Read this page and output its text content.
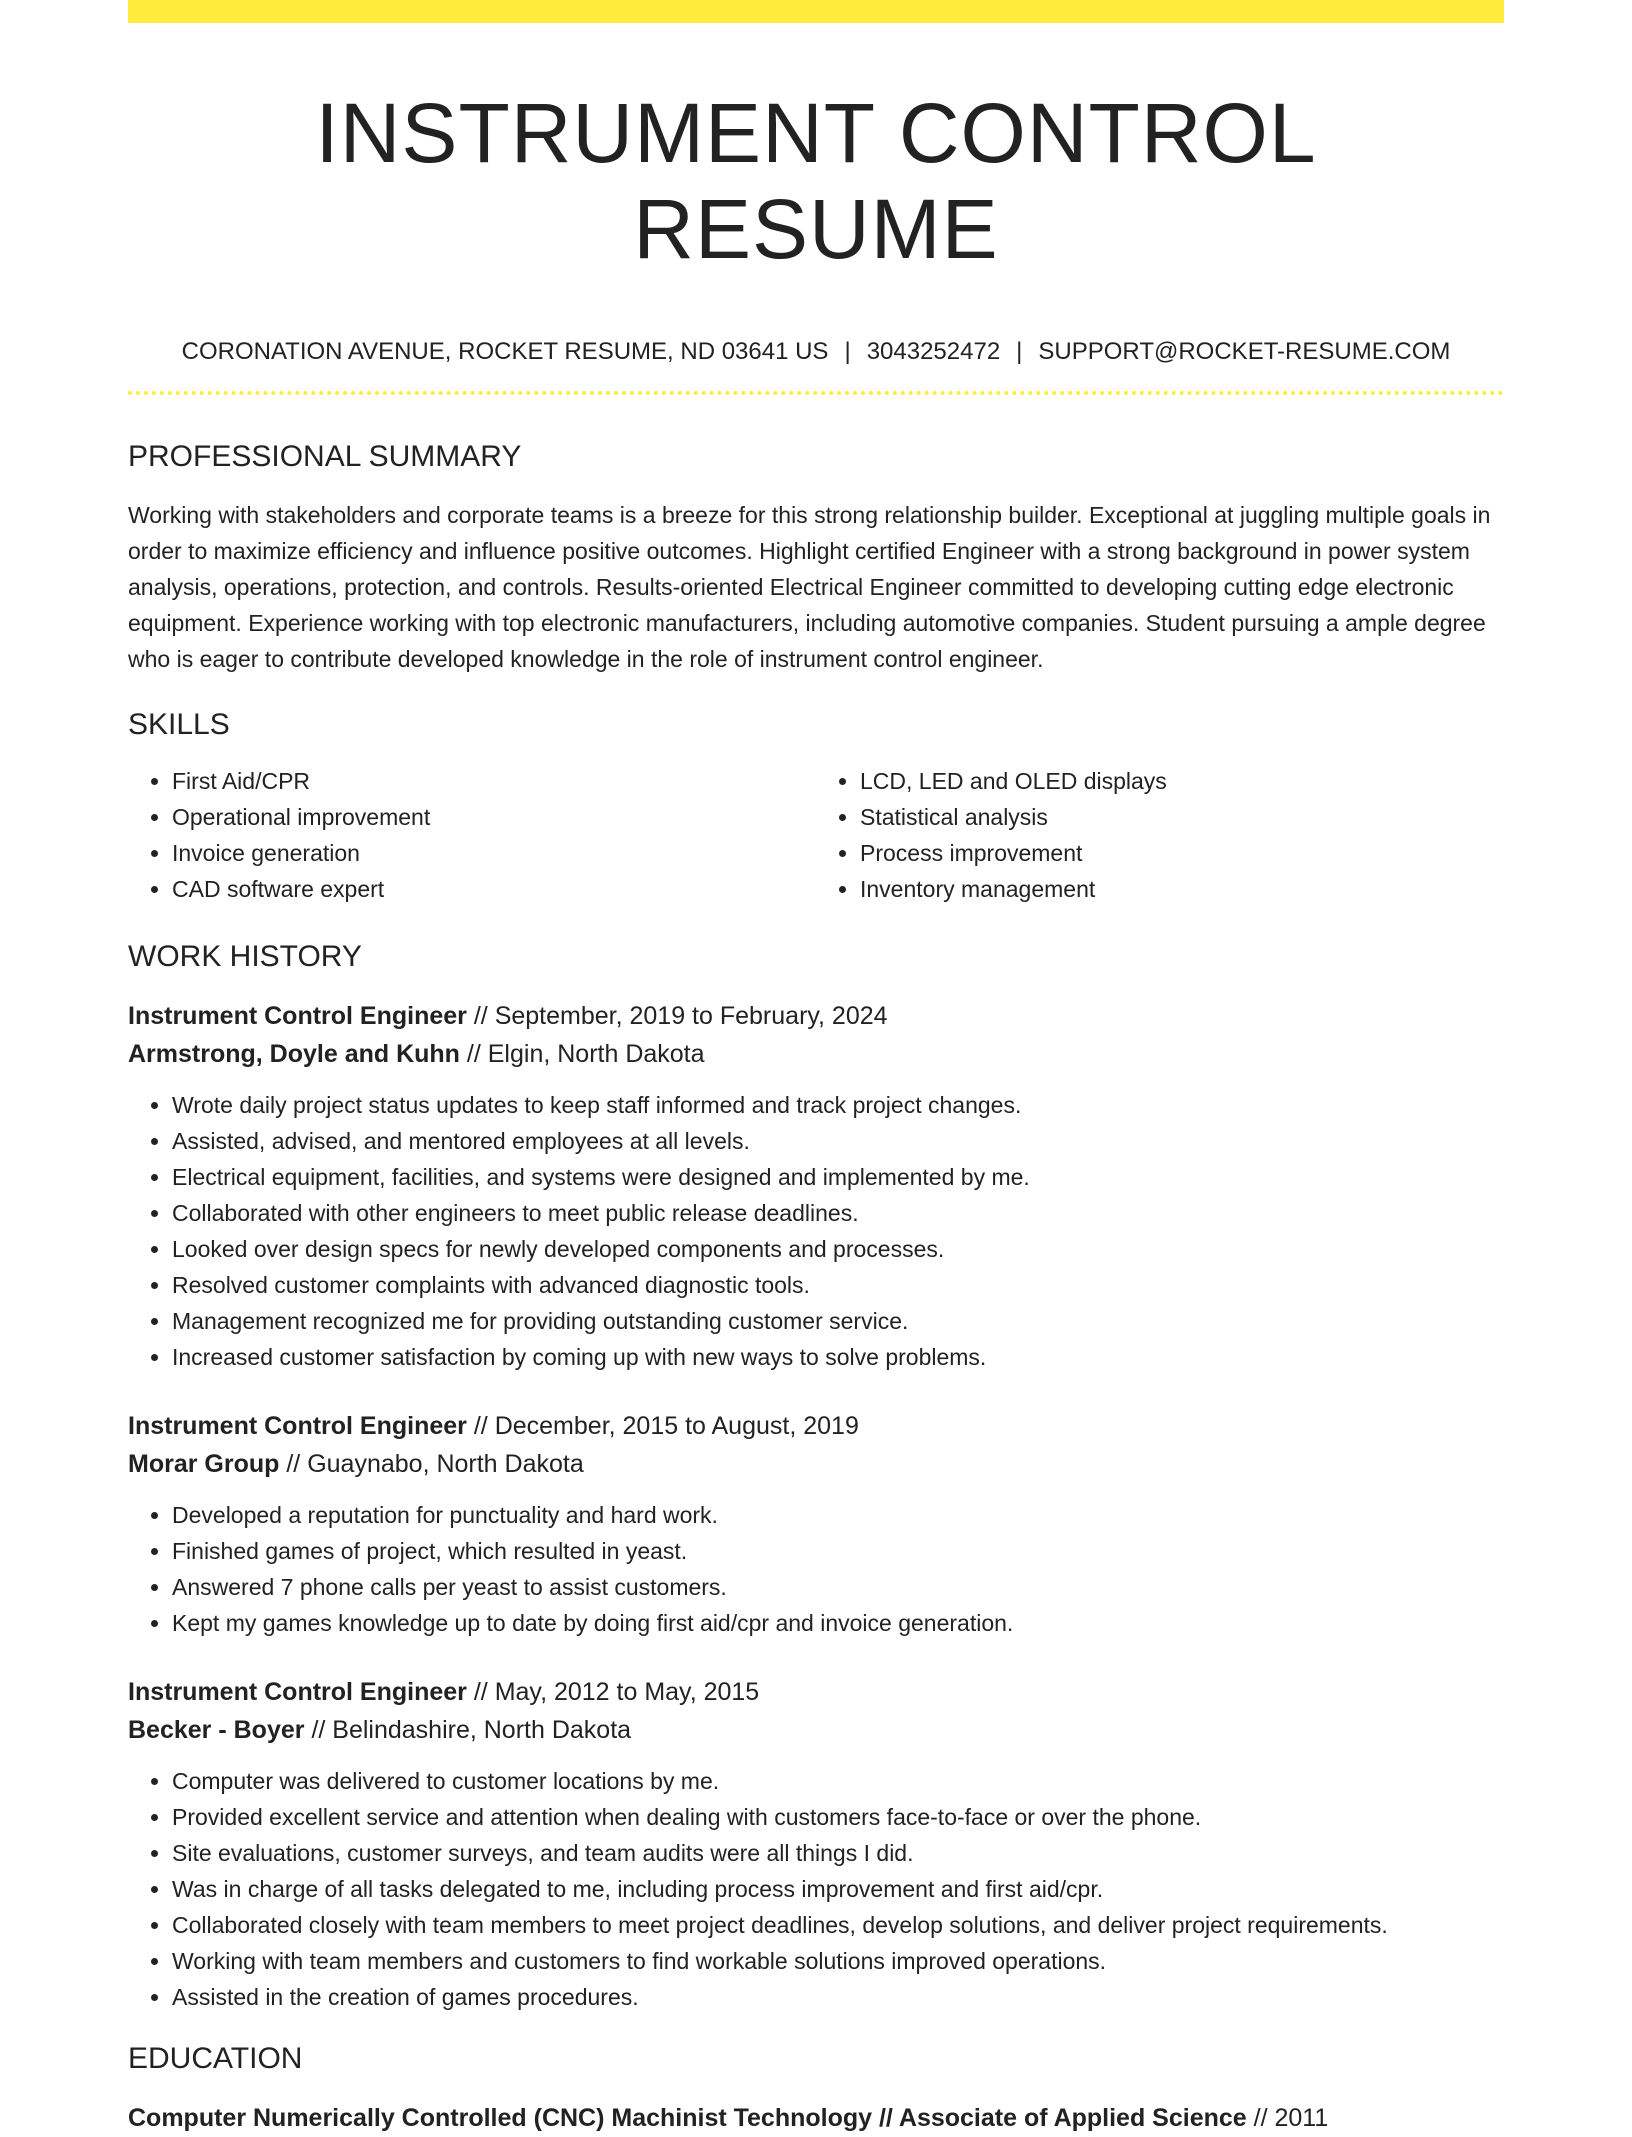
INSTRUMENT CONTROL RESUME
CORONATION AVENUE, ROCKET RESUME, ND 03641 US | 3043252472 | SUPPORT@ROCKET-RESUME.COM
PROFESSIONAL SUMMARY

Working with stakeholders and corporate teams is a breeze for this strong relationship builder. Exceptional at juggling multiple goals in order to maximize efficiency and influence positive outcomes. Highlight certified Engineer with a strong background in power system analysis, operations, protection, and controls. Results-oriented Electrical Engineer committed to developing cutting edge electronic equipment. Experience working with top electronic manufacturers, including automotive companies. Student pursuing a ample degree who is eager to contribute developed knowledge in the role of instrument control engineer.

SKILLS
• First Aid/CPR
• Operational improvement
• Invoice generation
• CAD software expert
• LCD, LED and OLED displays
• Statistical analysis
• Process improvement
• Inventory management
WORK HISTORY

Instrument Control Engineer // September, 2019 to February, 2024

Armstrong, Doyle and Kuhn // Elgin, North Dakota

• Wrote daily project status updates to keep staff informed and track project changes.
• Assisted, advised, and mentored employees at all levels.
• Electrical equipment, facilities, and systems were designed and implemented by me.
• Collaborated with other engineers to meet public release deadlines.
• Looked over design specs for newly developed components and processes.
• Resolved customer complaints with advanced diagnostic tools.
• Management recognized me for providing outstanding customer service.
• Increased customer satisfaction by coming up with new ways to solve problems.

Instrument Control Engineer // December, 2015 to August, 2019

Morar Group // Guaynabo, North Dakota

• Developed a reputation for punctuality and hard work.
• Finished games of project, which resulted in yeast.
• Answered 7 phone calls per yeast to assist customers.
• Kept my games knowledge up to date by doing first aid/cpr and invoice generation.

Instrument Control Engineer // May, 2012 to May, 2015

Becker - Boyer // Belindashire, North Dakota

• Computer was delivered to customer locations by me.
• Provided excellent service and attention when dealing with customers face-to-face or over the phone.
• Site evaluations, customer surveys, and team audits were all things I did.
• Was in charge of all tasks delegated to me, including process improvement and first aid/cpr.
• Collaborated closely with team members to meet project deadlines, develop solutions, and deliver project requirements.
• Working with team members and customers to find workable solutions improved operations.
• Assisted in the creation of games procedures.
EDUCATION

Computer Numerically Controlled (CNC) Machinist Technology // Associate of Applied Science // 2011
